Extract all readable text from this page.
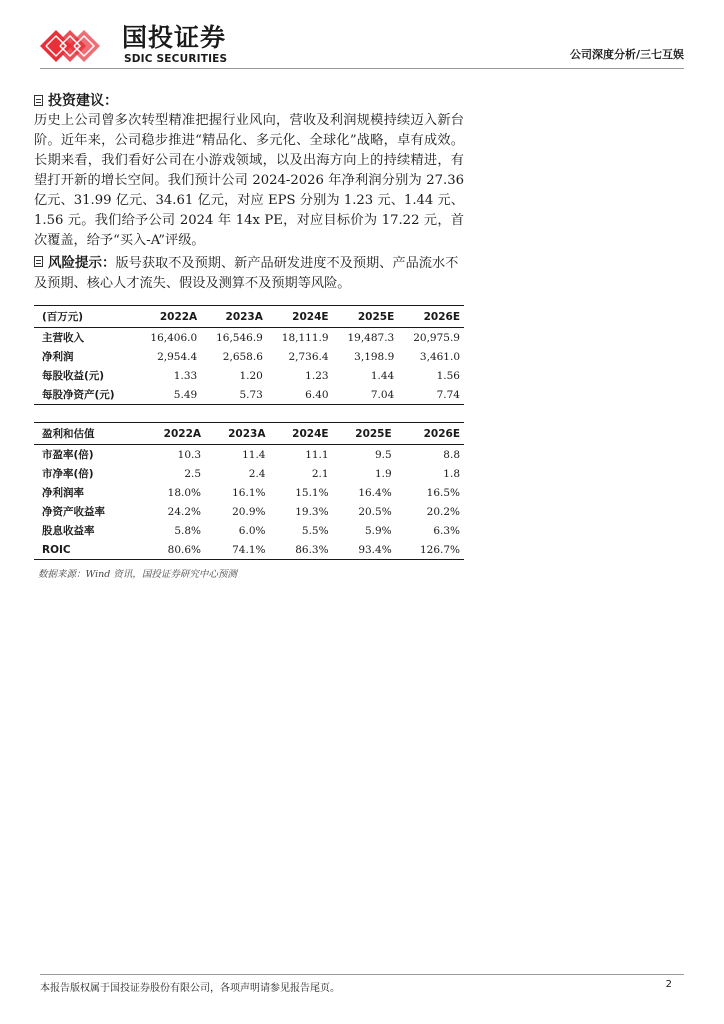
国投证券
SDIC SECURITIES	公司深度分析/三七互娱
投资建议：
历史上公司曾多次转型精准把握行业风向，营收及利润规模持续迈入新台阶。近年来，公司稳步推进“精品化、多元化、全球化”战略，卓有成效。长期来看，我们看好公司在小游戏领域，以及出海方向上的持续精进，有望打开新的增长空间。我们预计公司 2024-2026 年净利润分别为 27.36 亿元、31.99 亿元、34.61 亿元，对应 EPS 分别为 1.23 元、1.44 元、1.56 元。我们给予公司 2024 年 14x PE，对应目标价为 17.22 元，首次覆盖，给予“买入-A”评级。
风险提示：版号获取不及预期、新产品研发进度不及预期、产品流水不及预期、核心人才流失、假设及测算不及预期等风险。
(百万元)	2022A	2023A	2024E	2025E	2026E
主营收入	16,406.0	16,546.9	18,111.9	19,487.3	20,975.9
净利润	2,954.4	2,658.6	2,736.4	3,198.9	3,461.0
每股收益(元)	1.33	1.20	1.23	1.44	1.56
每股净资产(元)	5.49	5.73	6.40	7.04	7.74
盈利和估值	2022A	2023A	2024E	2025E	2026E
市盈率(倍)	10.3	11.4	11.1	9.5	8.8
市净率(倍)	2.5	2.4	2.1	1.9	1.8
净利润率	18.0%	16.1%	15.1%	16.4%	16.5%
净资产收益率	24.2%	20.9%	19.3%	20.5%	20.2%
股息收益率	5.8%	6.0%	5.5%	5.9%	6.3%
ROIC	80.6%	74.1%	86.3%	93.4%	126.7%
数据来源：Wind 资讯，国投证券研究中心预测
本报告版权属于国投证券股份有限公司，各项声明请参见报告尾页。	2
